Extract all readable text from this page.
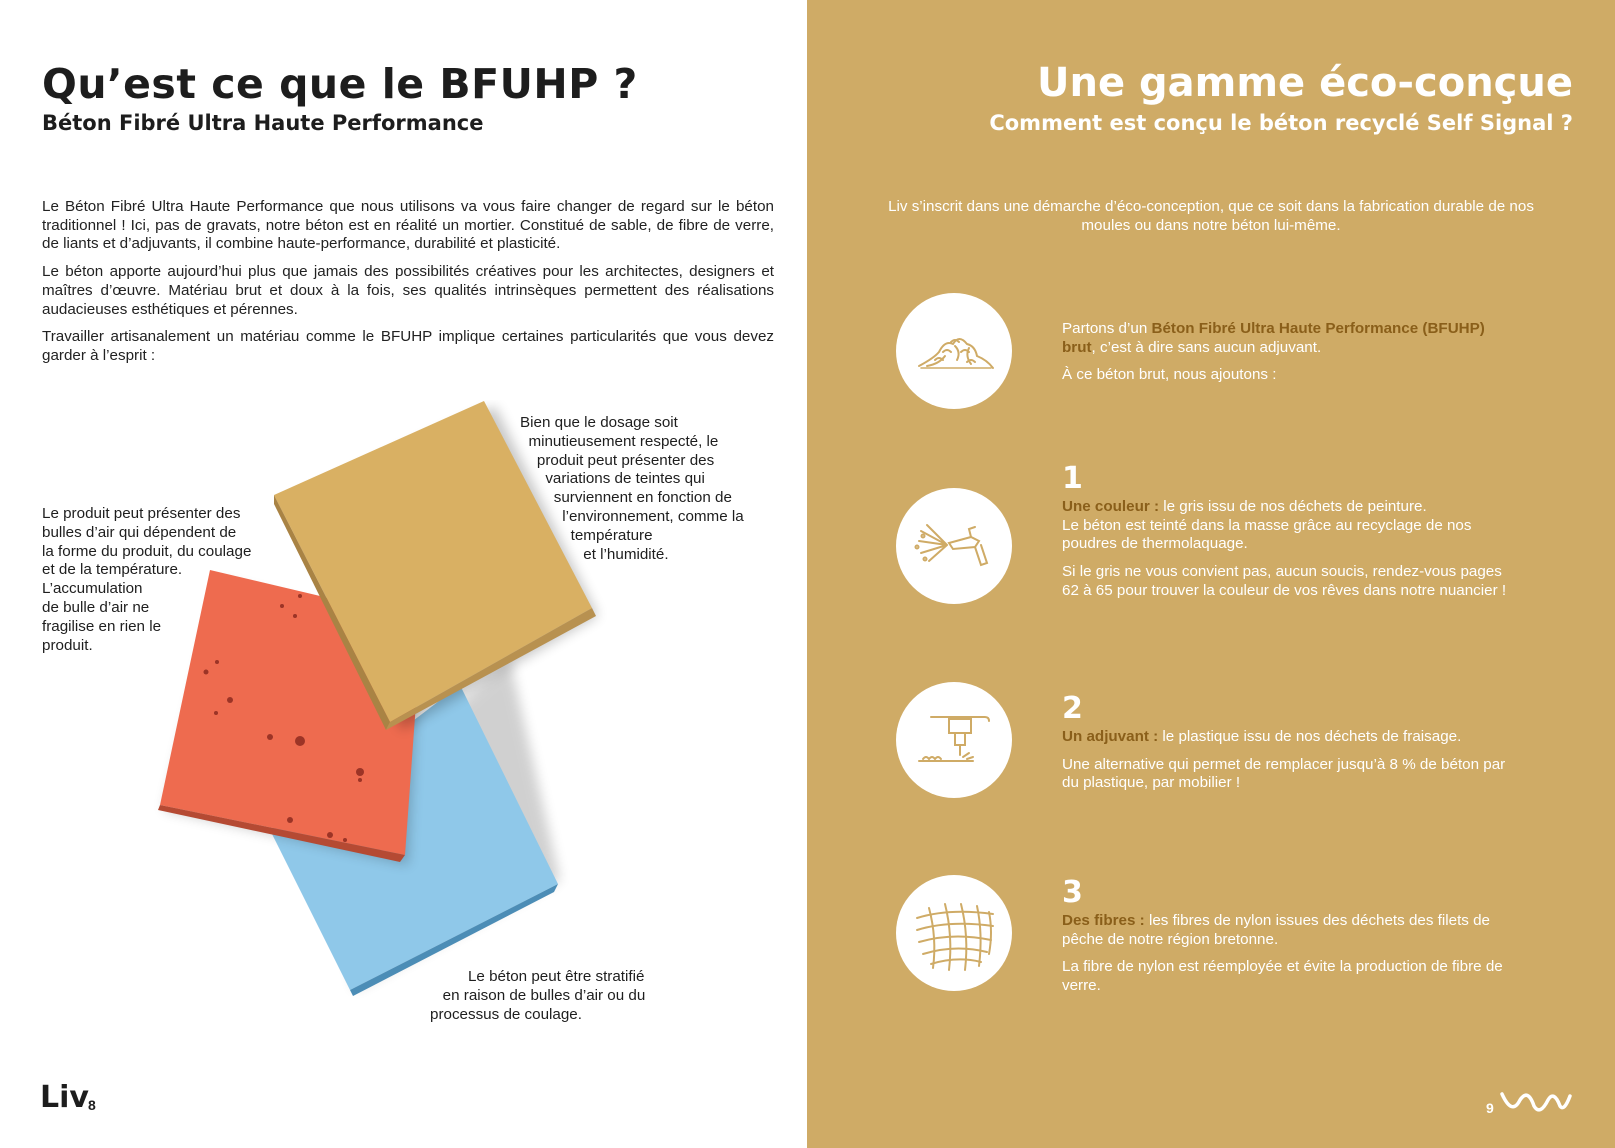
Qu’est ce que le BFUHP ?
Béton Fibré Ultra Haute Performance

Le Béton Fibré Ultra Haute Performance que nous utilisons va vous faire changer de regard sur le béton traditionnel ! Ici, pas de gravats, notre béton est en réalité un mortier. Constitué de sable, de fibre de verre, de liants et d’adjuvants, il combine haute-performance, durabilité et plasticité.

Le béton apporte aujourd’hui plus que jamais des possibilités créatives pour les architectes, designers et maîtres d’œuvre. Matériau brut et doux à la fois, ses qualités intrinsèques permettent des réalisations audacieuses esthétiques et pérennes.

Travailler artisanalement un matériau comme le BFUHP implique certaines particularités que vous devez garder à l’esprit :

Bien que le dosage soit
minutieusement respecté, le
produit peut présenter des
variations de teintes qui
surviennent en fonction de
l’environnement, comme la
température
et l’humidité.
Le produit peut présenter des
bulles d’air qui dépendent de
la forme du produit, du coulage
et de la température.
L’accumulation
de bulle d’air ne
fragilise en rien le
produit.
Le béton peut être stratifié
en raison de bulles d’air ou du
processus de coulage.
Liv 8
Une gamme éco-conçue
Comment est conçu le béton recyclé Self Signal ?

Liv s’inscrit dans une démarche d’éco-conception, que ce soit dans la fabrication durable de nos moules ou dans notre béton lui-même.

Partons d’un Béton Fibré Ultra Haute Performance (BFUHP) brut, c’est à dire sans aucun adjuvant.

À ce béton brut, nous ajoutons :

1

Une couleur : le gris issu de nos déchets de peinture.
Le béton est teinté dans la masse grâce au recyclage de nos poudres de thermolaquage.

Si le gris ne vous convient pas, aucun soucis, rendez-vous pages 62 à 65 pour trouver la couleur de vos rêves dans notre nuancier !

2

Un adjuvant : le plastique issu de nos déchets de fraisage.

Une alternative qui permet de remplacer jusqu’à 8 % de béton par du plastique, par mobilier !

3

Des fibres : les fibres de nylon issues des déchets des filets de pêche de notre région bretonne.

La fibre de nylon est réemployée et évite la production de fibre de verre.

9
